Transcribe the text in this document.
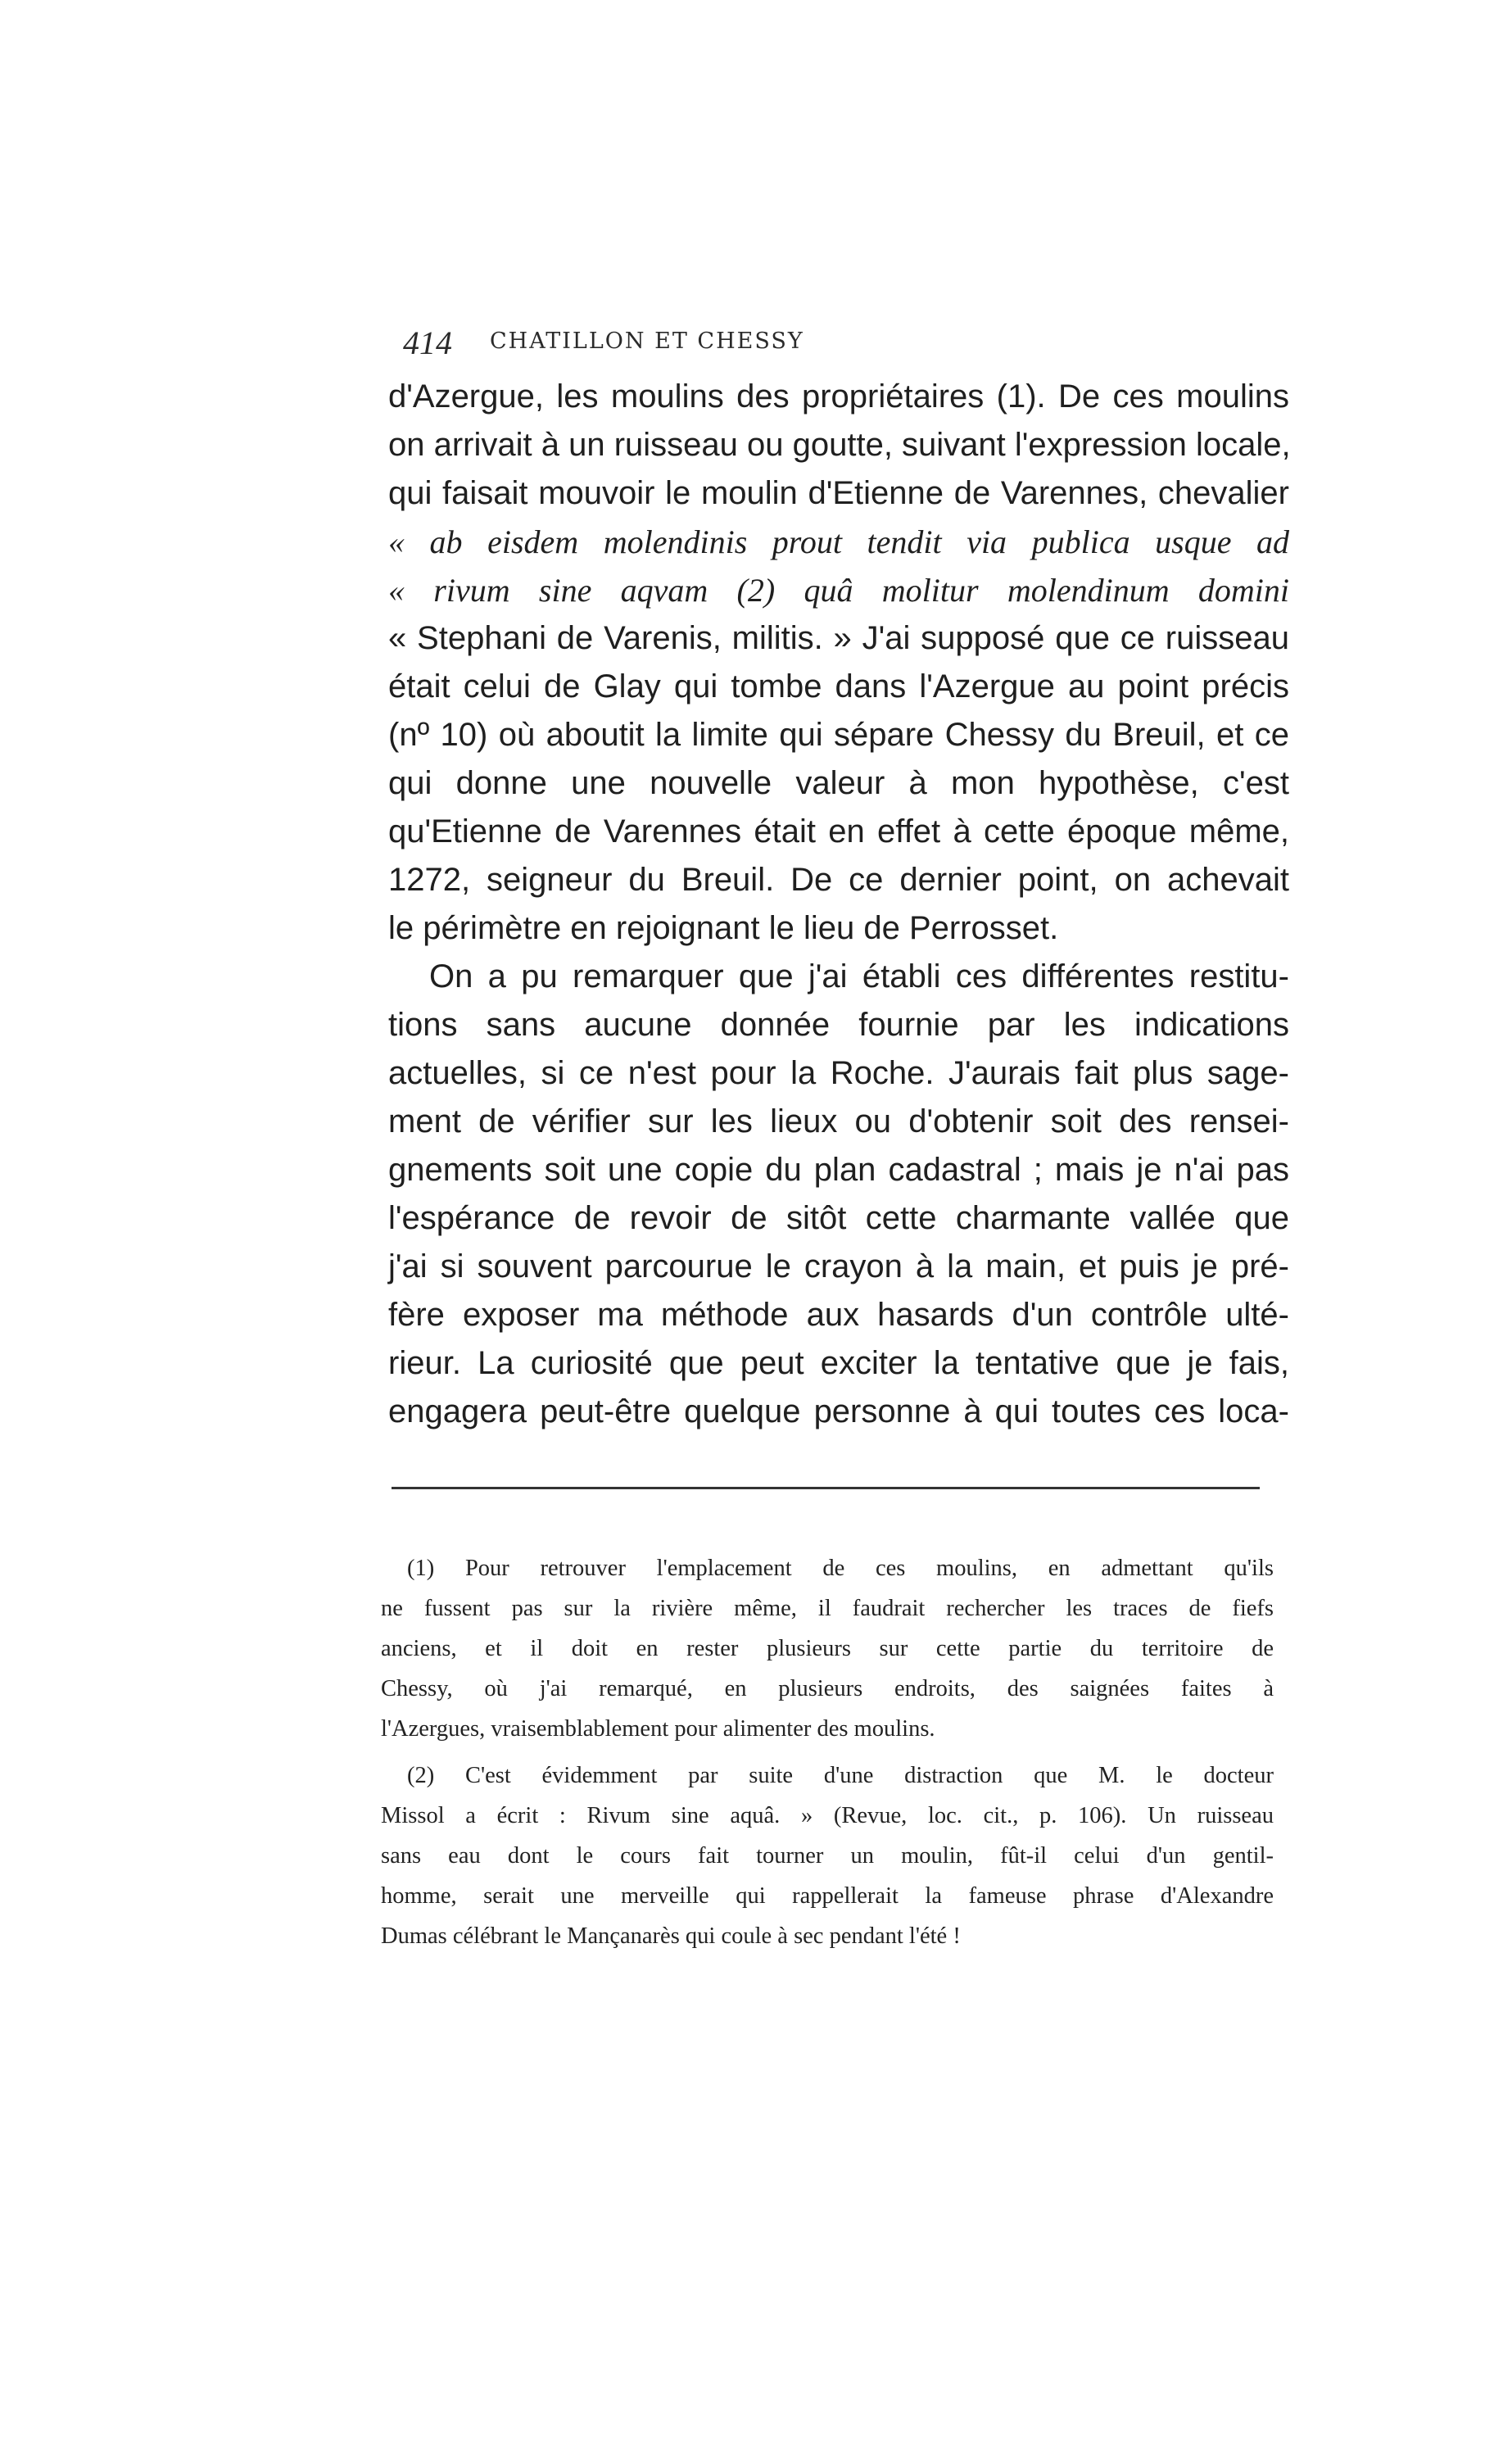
414 CHATILLON ET CHESSY

d'Azergue, les moulins des propriétaires (1). De ces moulins
on arrivait à un ruisseau ou goutte, suivant l'expression locale,
qui faisait mouvoir le moulin d'Etienne de Varennes, chevalier
« ab eisdem molendinis prout tendit via publica usque ad
« rivum sine aqvam (2) quâ molitur molendinum domini
« Stephani de Varenis, militis. » J'ai supposé que ce ruisseau
était celui de Glay qui tombe dans l'Azergue au point précis
(nº 10) où aboutit la limite qui sépare Chessy du Breuil, et ce
qui donne une nouvelle valeur à mon hypothèse, c'est
qu'Etienne de Varennes était en effet à cette époque même,
1272, seigneur du Breuil. De ce dernier point, on achevait
le périmètre en rejoignant le lieu de Perrosset.

On a pu remarquer que j'ai établi ces différentes restitu-
tions sans aucune donnée fournie par les indications
actuelles, si ce n'est pour la Roche. J'aurais fait plus sage-
ment de vérifier sur les lieux ou d'obtenir soit des rensei-
gnements soit une copie du plan cadastral ; mais je n'ai pas
l'espérance de revoir de sitôt cette charmante vallée que
j'ai si souvent parcourue le crayon à la main, et puis je pré-
fère exposer ma méthode aux hasards d'un contrôle ulté-
rieur. La curiosité que peut exciter la tentative que je fais,
engagera peut-être quelque personne à qui toutes ces loca-

(1) Pour retrouver l'emplacement de ces moulins, en admettant qu'ils
ne fussent pas sur la rivière même, il faudrait rechercher les traces de fiefs
anciens, et il doit en rester plusieurs sur cette partie du territoire de
Chessy, où j'ai remarqué, en plusieurs endroits, des saignées faites à
l'Azergues, vraisemblablement pour alimenter des moulins.

(2) C'est évidemment par suite d'une distraction que M. le docteur
Missol a écrit : Rivum sine aquâ. » (Revue, loc. cit., p. 106). Un ruisseau
sans eau dont le cours fait tourner un moulin, fût-il celui d'un gentil-
homme, serait une merveille qui rappellerait la fameuse phrase d'Alexandre
Dumas célébrant le Mançanarès qui coule à sec pendant l'été !
